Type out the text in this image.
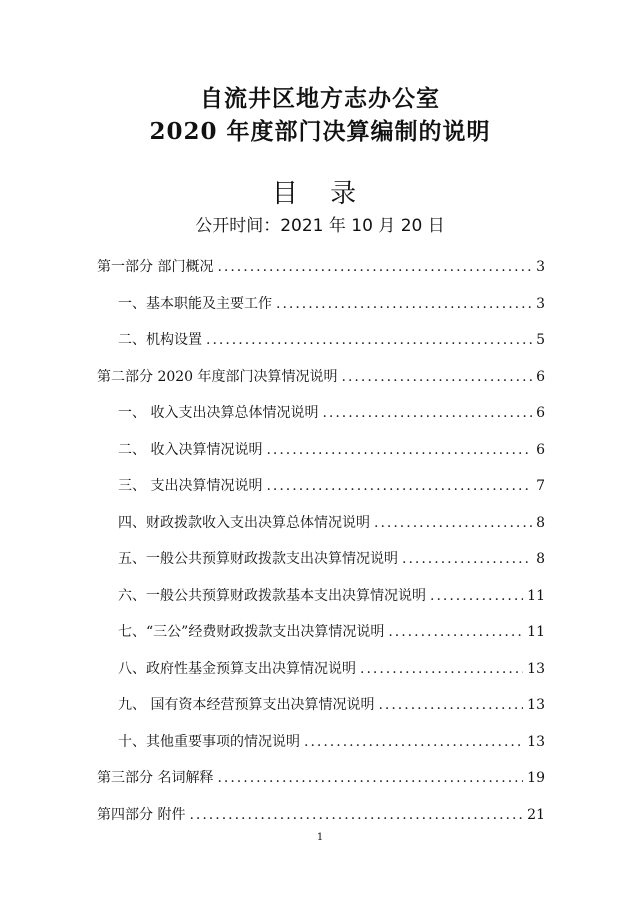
自流井区地方志办公室
2020 年度部门决算编制的说明
目 录
公开时间：2021 年 10 月 20 日
第一部分 部门概况 .....	3
一、基本职能及主要工作 .....	3
二、机构设置 .....	5
第二部分 2020 年度部门决算情况说明 .....	6
一、 收入支出决算总体情况说明 .....	6
二、 收入决算情况说明 .....	6
三、 支出决算情况说明 .....	7
四、财政拨款收入支出决算总体情况说明 .....	8
五、一般公共预算财政拨款支出决算情况说明 .....	8
六、一般公共预算财政拨款基本支出决算情况说明 .....	11
七、“三公”经费财政拨款支出决算情况说明 .....	11
八、政府性基金预算支出决算情况说明 .....	13
九、 国有资本经营预算支出决算情况说明 .....	13
十、其他重要事项的情况说明 .....	13
第三部分 名词解释 .....	19
第四部分 附件 .....	21
1
